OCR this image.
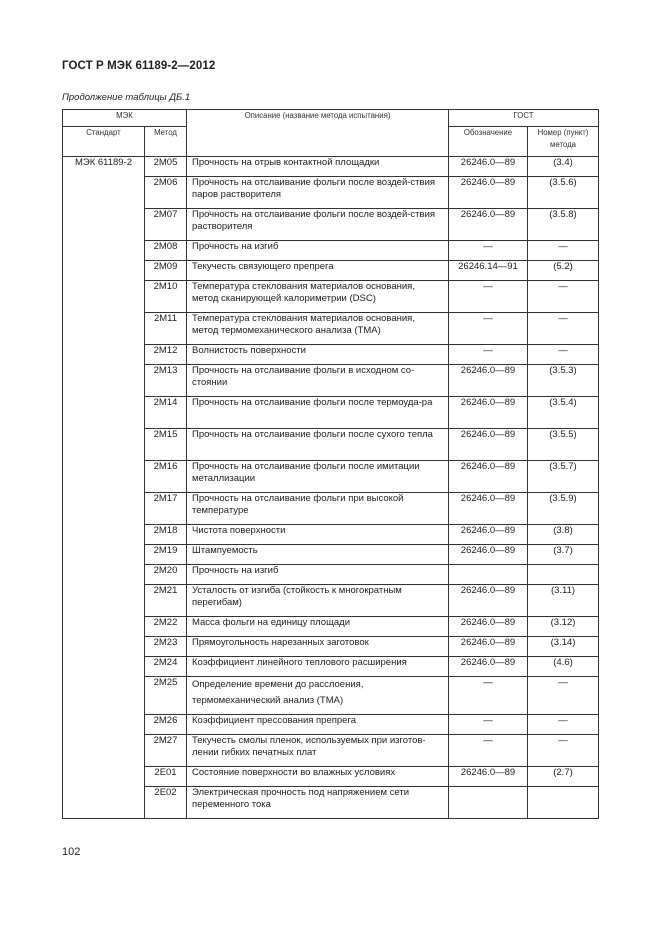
ГОСТ Р МЭК 61189-2—2012
Продолжение таблицы ДБ.1
МЭК		Описание (название метода испытания)	ГОСТ	
Стандарт	Метод		Обозначение	Номер (пункт) метода
МЭК 61189-2	2M05	Прочность на отрыв контактной площадки	26246.0—89	(3.4)
	2M06	Прочность на отслаивание фольги после воздей-ствия паров растворителя	26246.0—89	(3.5.6)
	2M07	Прочность на отслаивание фольги после воздей-ствия растворителя	26246.0—89	(3.5.8)
	2M08	Прочность на изгиб	—	—
	2M09	Текучесть связующего препрега	26246.14—91	(5.2)
	2M10	Температура стеклования материалов основания, метод сканирующей калориметрии (DSC)	—	—
	2M11	Температура стеклования материалов основания, метод термомеханического анализа (TMA)	—	—
	2M12	Волнистость поверхности	—	—
	2M13	Прочность на отслаивание фольги в исходном со-стоянии	26246.0—89	(3.5.3)
	2M14	Прочность на отслаивание фольги после термоуда-ра	26246.0—89	(3.5.4)
	2M15	Прочность на отслаивание фольги после сухого тепла	26246.0—89	(3.5.5)
	2M16	Прочность на отслаивание фольги после имитации металлизации	26246.0—89	(3.5.7)
	2M17	Прочность на отслаивание фольги при высокой температуре	26246.0—89	(3.5.9)
	2M18	Чистота поверхности	26246.0—89	(3.8)
	2M19	Штампуемость	26246.0—89	(3.7)
	2M20	Прочность на изгиб		
	2M21	Усталость от изгиба (стойкость к многократным перегибам)	26246.0—89	(3.11)
	2M22	Масса фольги на единицу площади	26246.0—89	(3.12)
	2M23	Прямоугольность нарезанных заготовок	26246.0—89	(3.14)
	2M24	Коэффициент линейного теплового расширения	26246.0—89	(4.6)
	2M25	Определение времени до расслоения, термомеханический анализ (TMA)	—	—
	2M26	Коэффициент прессования препрега	—	—
	2M27	Текучесть смолы пленок, используемых при изготов-лении гибких печатных плат	—	—
	2E01	Состояние поверхности во влажных условиях	26246.0—89	(2.7)
	2E02	Электрическая прочность под напряжением сети переменного тока		
102
